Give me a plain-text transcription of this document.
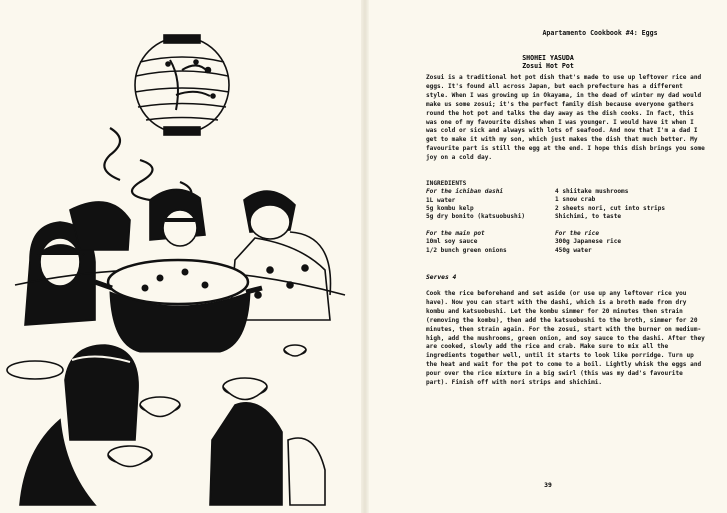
Apartamento Cookbook #4: Eggs
SHOHEI YASUDA
Zosui Hot Pot
Zosui is a traditional hot pot dish that's made to use up leftover rice and eggs. It's found all across Japan, but each prefecture has a different style. When I was growing up in Okayama, in the dead of winter my dad would make us some zosui; it's the perfect family dish because everyone gathers round the hot pot and talks the day away as the dish cooks. In fact, this was one of my favourite dishes when I was younger. I would have it when I was cold or sick and always with lots of seafood. And now that I'm a dad I get to make it with my son, which just makes the dish that much better. My favourite part is still the egg at the end. I hope this dish brings you some joy on a cold day.
INGREDIENTS
For the ichiban dashi
1L water
5g kombu kelp
5g dry bonito (katsuobushi)
4 shiitake mushrooms
1 snow crab
2 sheets nori, cut into strips
Shichimi, to taste
For the main pot
10ml soy sauce
1/2 bunch green onions
For the rice
300g Japanese rice
450g water
Serves 4
Cook the rice beforehand and set aside (or use up any leftover rice you have). Now you can start with the dashi, which is a broth made from dry kombu and katsuobushi. Let the kombu simmer for 20 minutes then strain (removing the kombu), then add the katsuobushi to the broth, simmer for 20 minutes, then strain again. For the zosui, start with the burner on medium-high, add the mushrooms, green onion, and soy sauce to the dashi. After they are cooked, slowly add the rice and crab. Make sure to mix all the ingredients together well, until it starts to look like porridge. Turn up the heat and wait for the pot to come to a boil. Lightly whisk the eggs and pour over the rice mixture in a big swirl (this was my dad's favourite part). Finish off with nori strips and shichimi.
39
